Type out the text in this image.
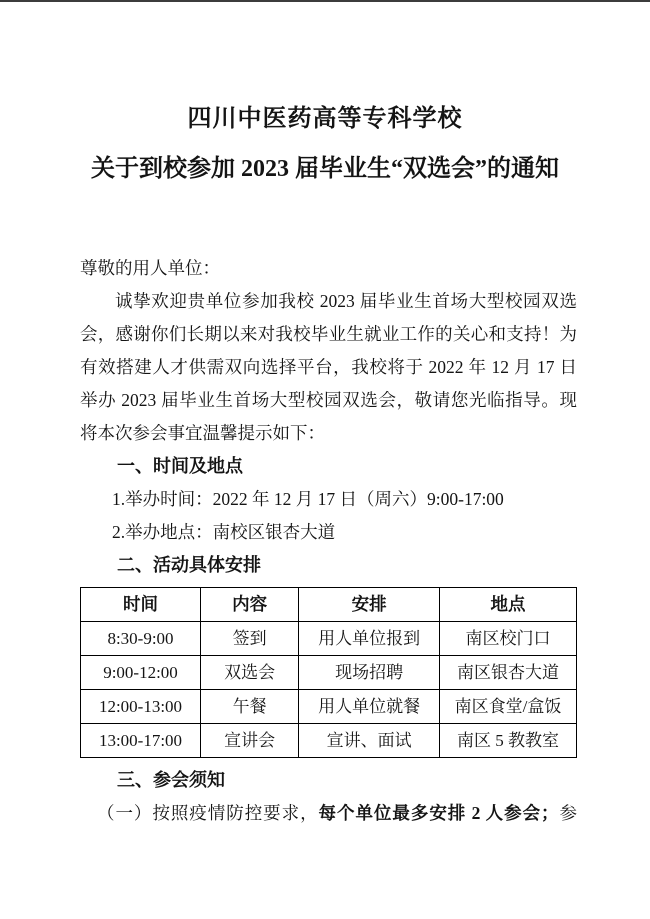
四川中医药高等专科学校
关于到校参加 2023 届毕业生“双选会”的通知

尊敬的用人单位：

诚挚欢迎贵单位参加我校 2023 届毕业生首场大型校园双选会，感谢你们长期以来对我校毕业生就业工作的关心和支持！为有效搭建人才供需双向选择平台，我校将于 2022 年 12 月 17 日举办 2023 届毕业生首场大型校园双选会，敬请您光临指导。现将本次参会事宜温馨提示如下：

一、时间及地点

1.举办时间：2022 年 12 月 17 日（周六）9:00-17:00

2.举办地点：南校区银杏大道

二、活动具体安排

时间	内容	安排	地点
8:30-9:00	签到	用人单位报到	南区校门口
9:00-12:00	双选会	现场招聘	南区银杏大道
12:00-13:00	午餐	用人单位就餐	南区食堂/盒饭
13:00-17:00	宣讲会	宣讲、面试	南区 5 教教室

三、参会须知

（一）按照疫情防控要求，每个单位最多安排 2 人参会；参
